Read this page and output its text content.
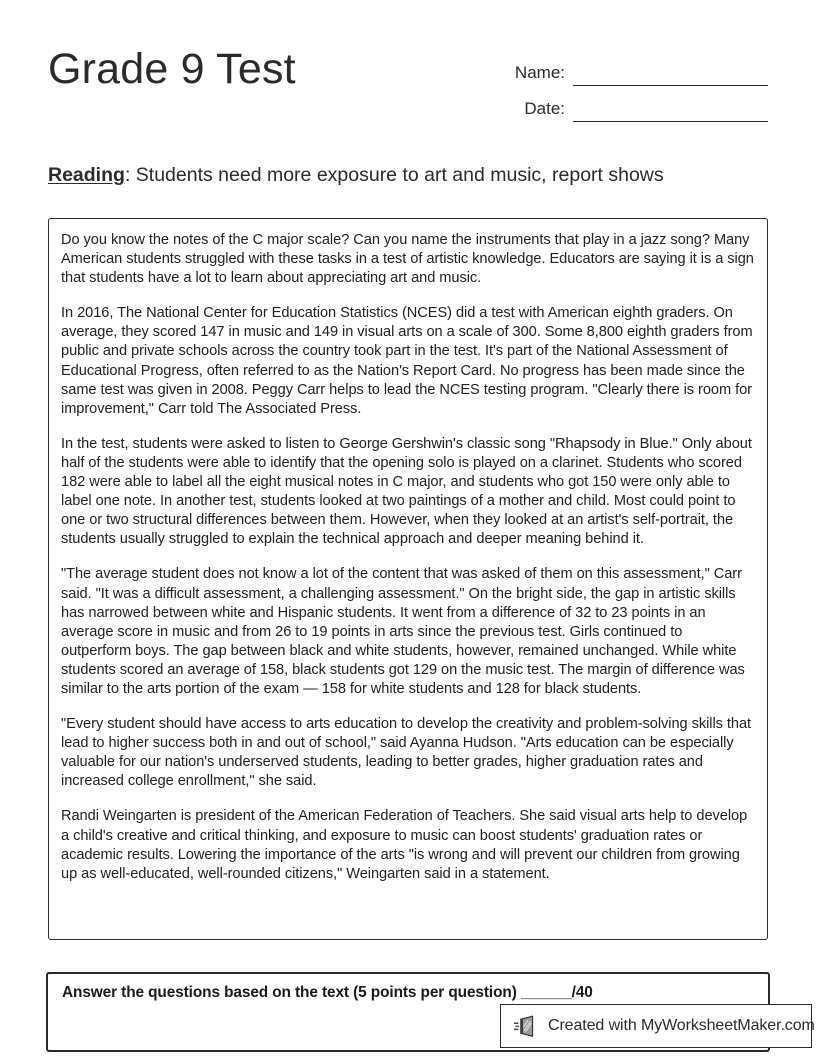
Grade 9 Test	Name:
Date:
Reading: Students need more exposure to art and music, report shows

Do you know the notes of the C major scale? Can you name the instruments that play in a jazz song? Many American students struggled with these tasks in a test of artistic knowledge. Educators are saying it is a sign that students have a lot to learn about appreciating art and music.

In 2016, The National Center for Education Statistics (NCES) did a test with American eighth graders. On average, they scored 147 in music and 149 in visual arts on a scale of 300. Some 8,800 eighth graders from public and private schools across the country took part in the test. It's part of the National Assessment of Educational Progress, often referred to as the Nation's Report Card. No progress has been made since the same test was given in 2008. Peggy Carr helps to lead the NCES testing program. "Clearly there is room for improvement," Carr told The Associated Press.

In the test, students were asked to listen to George Gershwin's classic song "Rhapsody in Blue." Only about half of the students were able to identify that the opening solo is played on a clarinet. Students who scored 182 were able to label all the eight musical notes in C major, and students who got 150 were only able to label one note. In another test, students looked at two paintings of a mother and child. Most could point to one or two structural differences between them. However, when they looked at an artist's self-portrait, the students usually struggled to explain the technical approach and deeper meaning behind it.

"The average student does not know a lot of the content that was asked of them on this assessment," Carr said. "It was a difficult assessment, a challenging assessment." On the bright side, the gap in artistic skills has narrowed between white and Hispanic students. It went from a difference of 32 to 23 points in an average score in music and from 26 to 19 points in arts since the previous test. Girls continued to outperform boys. The gap between black and white students, however, remained unchanged. While white students scored an average of 158, black students got 129 on the music test. The margin of difference was similar to the arts portion of the exam — 158 for white students and 128 for black students.

"Every student should have access to arts education to develop the creativity and problem-solving skills that lead to higher success both in and out of school," said Ayanna Hudson. "Arts education can be especially valuable for our nation's underserved students, leading to better grades, higher graduation rates and increased college enrollment," she said.

Randi Weingarten is president of the American Federation of Teachers. She said visual arts help to develop a child's creative and critical thinking, and exposure to music can boost students' graduation rates or academic results. Lowering the importance of the arts "is wrong and will prevent our children from growing up as well-educated, well-rounded citizens," Weingarten said in a statement.

Answer the questions based on the text (5 points per question) ______/40
Created with MyWorksheetMaker.com
